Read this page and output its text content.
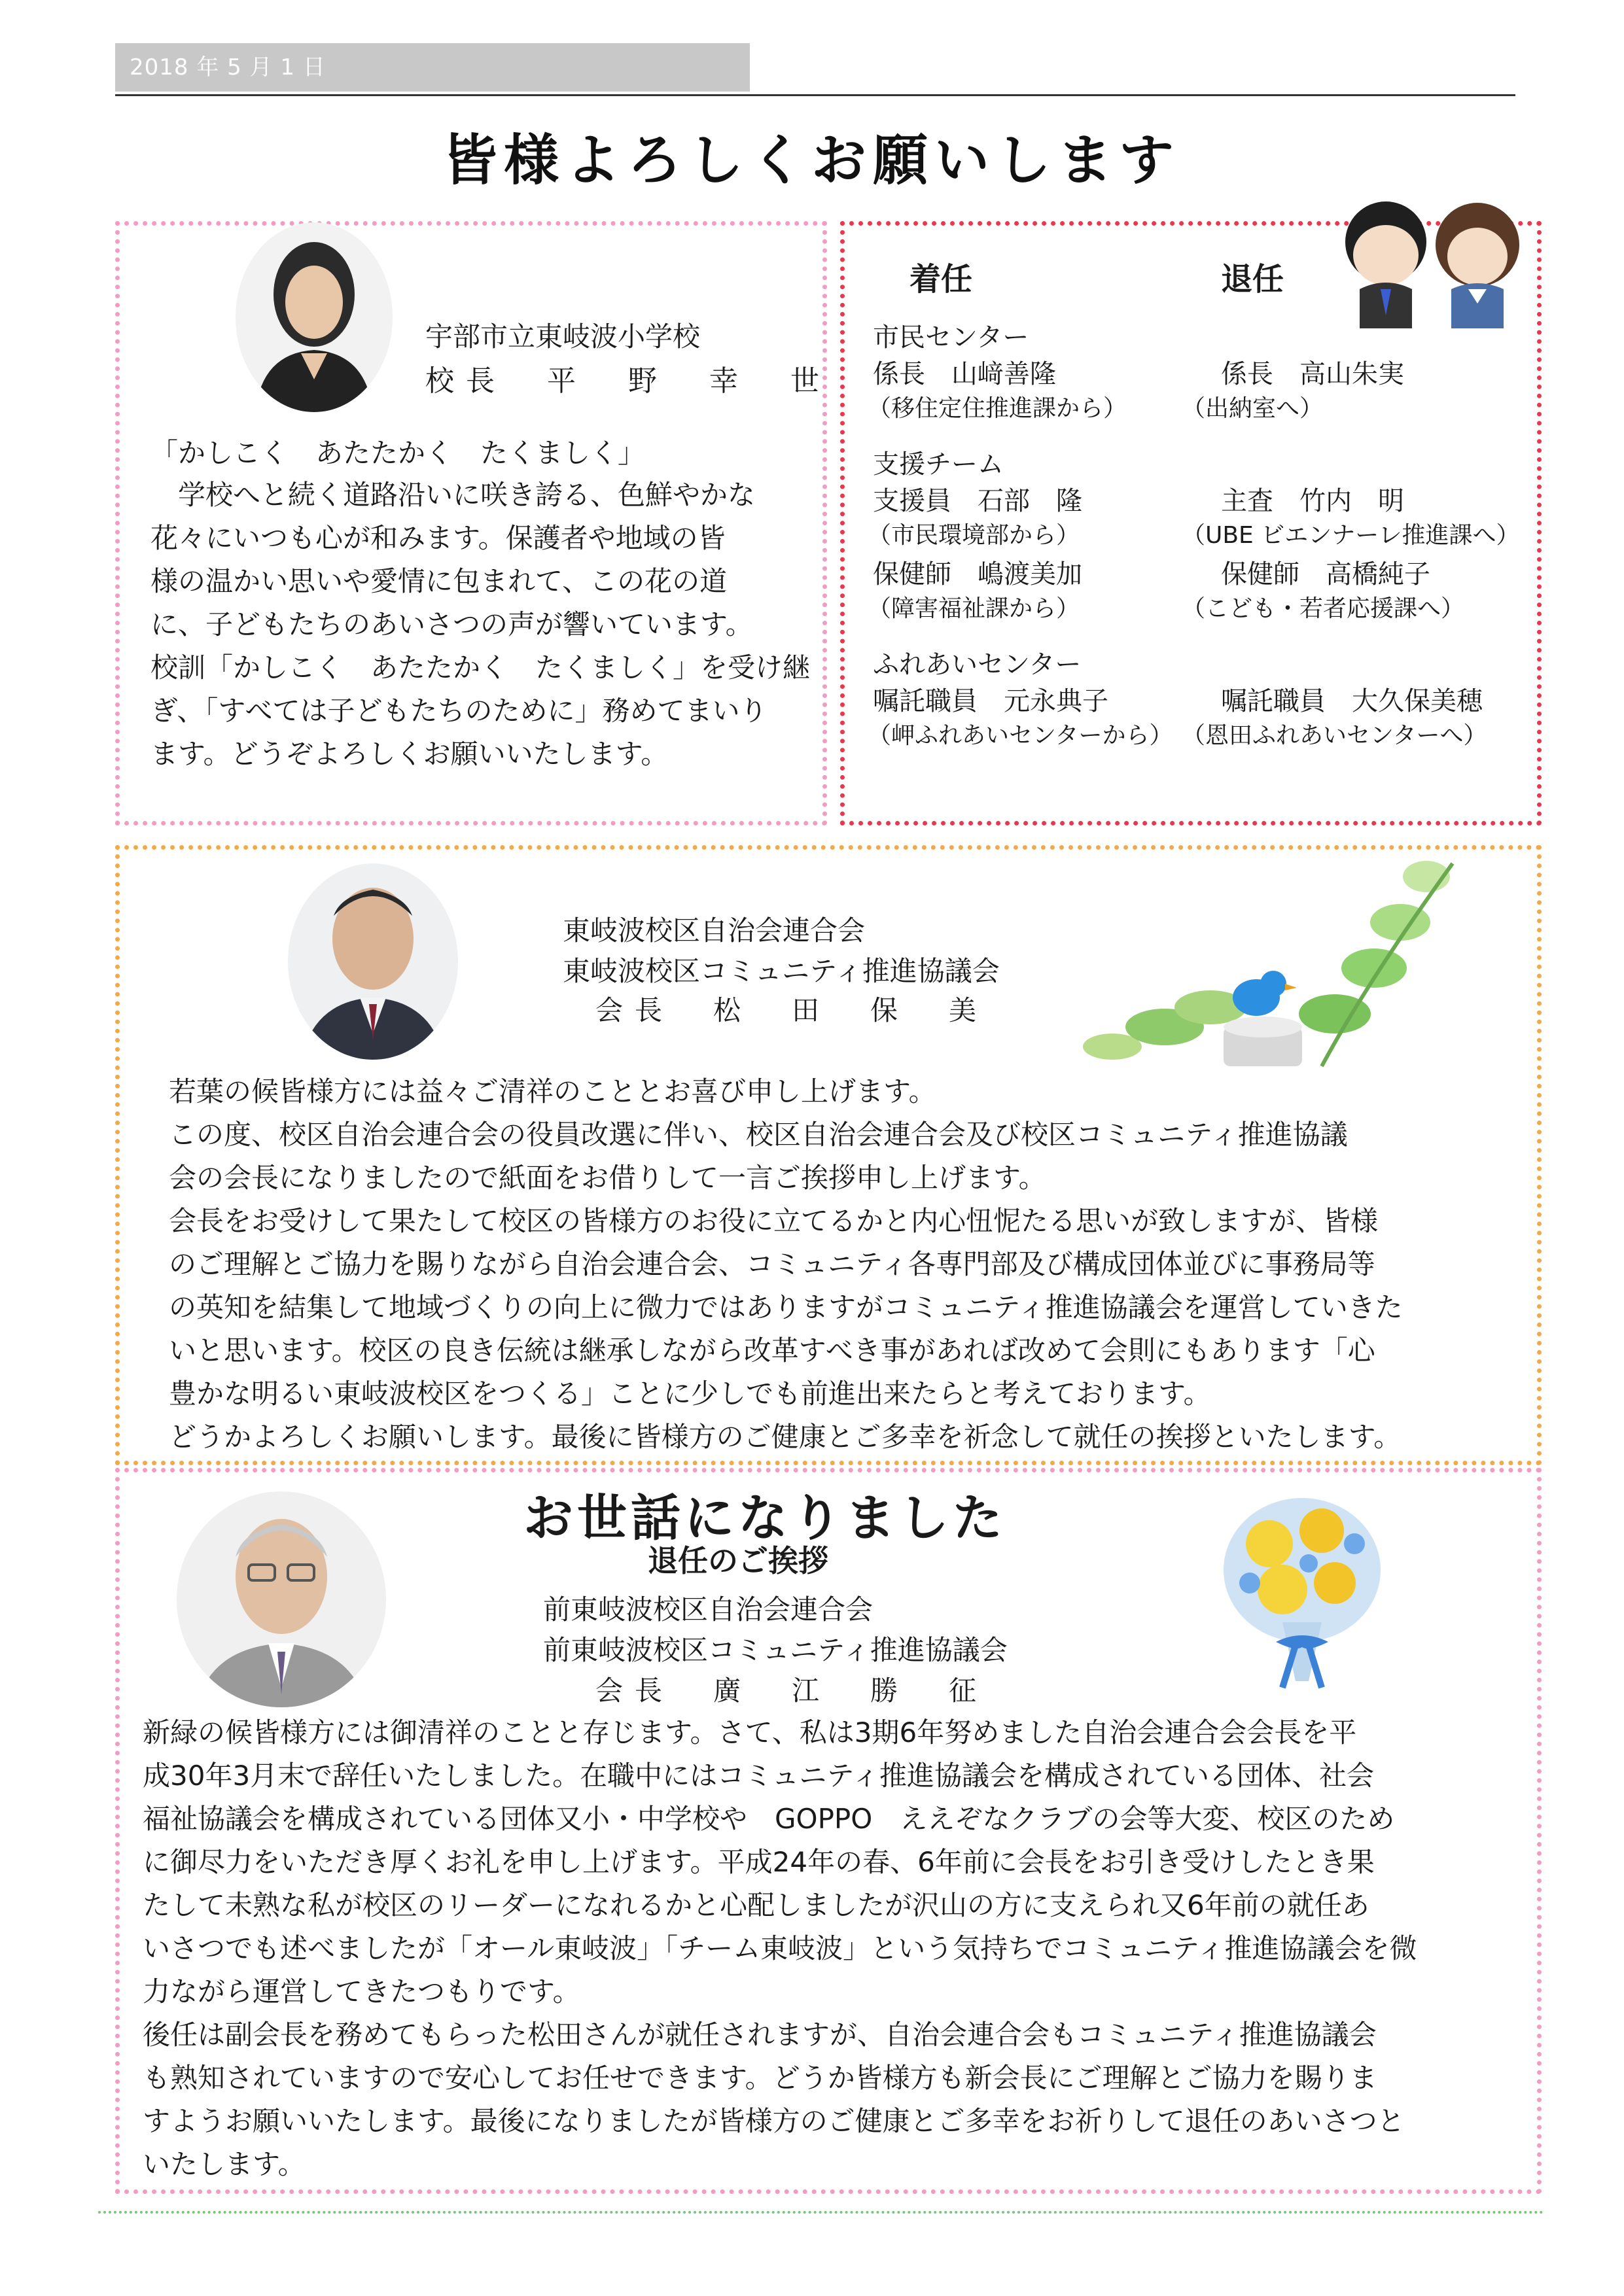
2018 年 5 月 1 日
皆様よろしくお願いします
宇部市立東岐波小学校
校長　平　野　幸　世
「かしこく　あたたかく　たくましく」
　学校へと続く道路沿いに咲き誇る、色鮮やかな
花々にいつも心が和みます。保護者や地域の皆
様の温かい思いや愛情に包まれて、この花の道
に、子どもたちのあいさつの声が響いています。
校訓「かしこく　あたたかく　たくましく」を受け継
ぎ、「すべては子どもたちのために」務めてまいり
ます。どうぞよろしくお願いいたします。
着任	退任
市民センター
係長　山﨑善隆	係長　高山朱実
（移住定住推進課から） （出納室へ）
支援チーム
支援員　石部　隆	主査　竹内　明
（市民環境部から）	（UBE ビエンナーレ推進課へ）
保健師　嶋渡美加	保健師　高橋純子
（障害福祉課から）	（こども・若者応援課へ）
ふれあいセンター
嘱託職員　元永典子	嘱託職員　大久保美穂
（岬ふれあいセンターから） （恩田ふれあいセンターへ）
東岐波校区自治会連合会
東岐波校区コミュニティ推進協議会
会長　松　田　保　美
若葉の候皆様方には益々ご清祥のこととお喜び申し上げます。
この度、校区自治会連合会の役員改選に伴い、校区自治会連合会及び校区コミュニティ推進協議
会の会長になりましたので紙面をお借りして一言ご挨拶申し上げます。
会長をお受けして果たして校区の皆様方のお役に立てるかと内心忸怩たる思いが致しますが、皆様
のご理解とご協力を賜りながら自治会連合会、コミュニティ各専門部及び構成団体並びに事務局等
の英知を結集して地域づくりの向上に微力ではありますがコミュニティ推進協議会を運営していきた
いと思います。校区の良き伝統は継承しながら改革すべき事があれば改めて会則にもあります「心
豊かな明るい東岐波校区をつくる」ことに少しでも前進出来たらと考えております。
どうかよろしくお願いします。最後に皆様方のご健康とご多幸を祈念して就任の挨拶といたします。
お世話になりました
退任のご挨拶
前東岐波校区自治会連合会
前東岐波校区コミュニティ推進協議会
会長　廣　江　勝　征
新緑の候皆様方には御清祥のことと存じます。さて、私は3期6年努めました自治会連合会会長を平
成30年3月末で辞任いたしました。在職中にはコミュニティ推進協議会を構成されている団体、社会
福祉協議会を構成されている団体又小・中学校や　GOPPO　ええぞなクラブの会等大変、校区のため
に御尽力をいただき厚くお礼を申し上げます。平成24年の春、6年前に会長をお引き受けしたとき果
たして未熟な私が校区のリーダーになれるかと心配しましたが沢山の方に支えられ又6年前の就任あ
いさつでも述べましたが「オール東岐波」「チーム東岐波」という気持ちでコミュニティ推進協議会を微
力ながら運営してきたつもりです。
後任は副会長を務めてもらった松田さんが就任されますが、自治会連合会もコミュニティ推進協議会
も熟知されていますので安心してお任せできます。どうか皆様方も新会長にご理解とご協力を賜りま
すようお願いいたします。最後になりましたが皆様方のご健康とご多幸をお祈りして退任のあいさつと
いたします。
